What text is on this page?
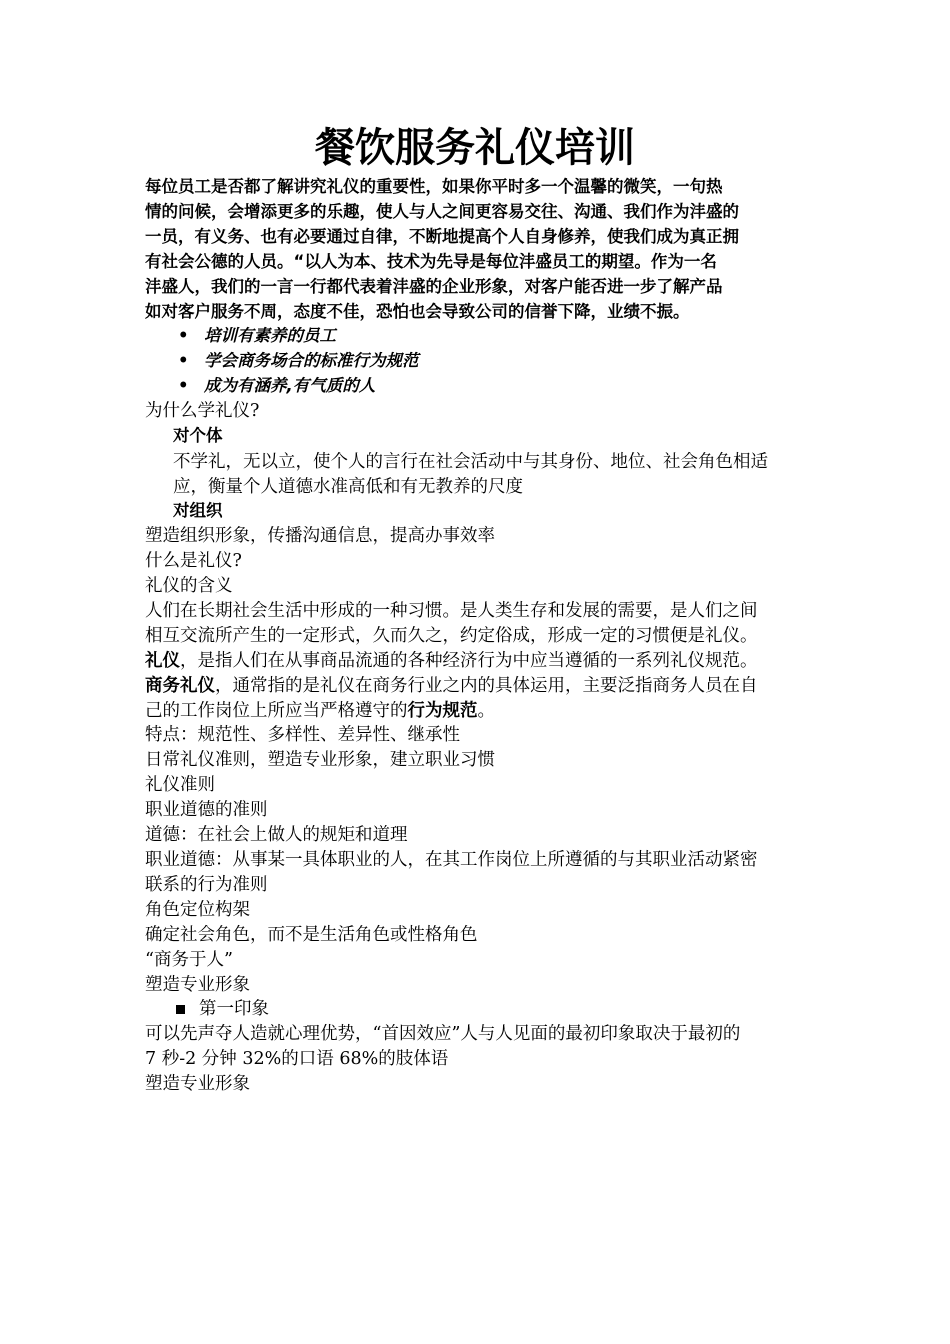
餐饮服务礼仪培训
每位员工是否都了解讲究礼仪的重要性，如果你平时多一个温馨的微笑，一句热
情的问候，会增添更多的乐趣，使人与人之间更容易交往、沟通、我们作为沣盛的
一员，有义务、也有必要通过自律，不断地提高个人自身修养，使我们成为真正拥
有社会公德的人员。“以人为本、技术为先导是每位沣盛员工的期望。作为一名
沣盛人，我们的一言一行都代表着沣盛的企业形象，对客户能否进一步了解产品
如对客户服务不周，态度不佳，恐怕也会导致公司的信誉下降，业绩不振。
• 培训有素养的员工
• 学会商务场合的标准行为规范
• 成为有涵养,有气质的人
为什么学礼仪?
对个体
不学礼，无以立，使个人的言行在社会活动中与其身份、地位、社会角色相适
应，衡量个人道德水准高低和有无教养的尺度
对组织
塑造组织形象，传播沟通信息，提高办事效率
什么是礼仪?
礼仪的含义
人们在长期社会生活中形成的一种习惯。是人类生存和发展的需要，是人们之间
相互交流所产生的一定形式，久而久之，约定俗成，形成一定的习惯便是礼仪。
礼仪，是指人们在从事商品流通的各种经济行为中应当遵循的一系列礼仪规范。
商务礼仪，通常指的是礼仪在商务行业之内的具体运用，主要泛指商务人员在自
己的工作岗位上所应当严格遵守的行为规范。
特点：规范性、多样性、差异性、继承性
日常礼仪准则，塑造专业形象，建立职业习惯
礼仪准则
职业道德的准则
道德：在社会上做人的规矩和道理
职业道德：从事某一具体职业的人，在其工作岗位上所遵循的与其职业活动紧密
联系的行为准则
角色定位构架
确定社会角色，而不是生活角色或性格角色
“商务于人”
塑造专业形象
第一印象
可以先声夺人造就心理优势，“首因效应”人与人见面的最初印象取决于最初的
7 秒-2 分钟 32%的口语 68%的肢体语
塑造专业形象
